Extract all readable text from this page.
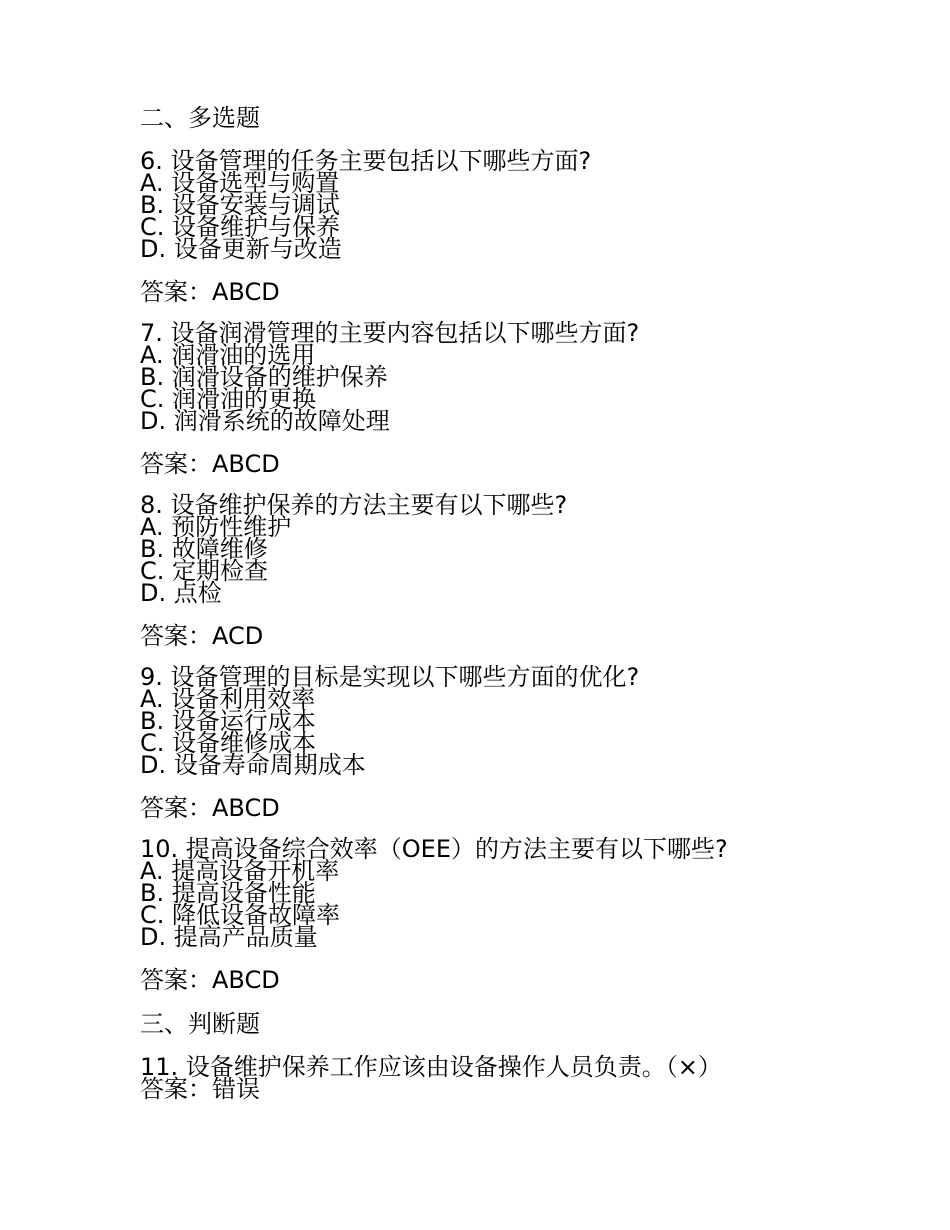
二、多选题
6. 设备管理的任务主要包括以下哪些方面?
A. 设备选型与购置
B. 设备安装与调试
C. 设备维护与保养
D. 设备更新与改造
答案：ABCD
7. 设备润滑管理的主要内容包括以下哪些方面?
A. 润滑油的选用
B. 润滑设备的维护保养
C. 润滑油的更换
D. 润滑系统的故障处理
答案：ABCD
8. 设备维护保养的方法主要有以下哪些?
A. 预防性维护
B. 故障维修
C. 定期检查
D. 点检
答案：ACD
9. 设备管理的目标是实现以下哪些方面的优化?
A. 设备利用效率
B. 设备运行成本
C. 设备维修成本
D. 设备寿命周期成本
答案：ABCD
10. 提高设备综合效率（OEE）的方法主要有以下哪些?
A. 提高设备开机率
B. 提高设备性能
C. 降低设备故障率
D. 提高产品质量
答案：ABCD
三、判断题
11. 设备维护保养工作应该由设备操作人员负责。（×）
答案：错误
